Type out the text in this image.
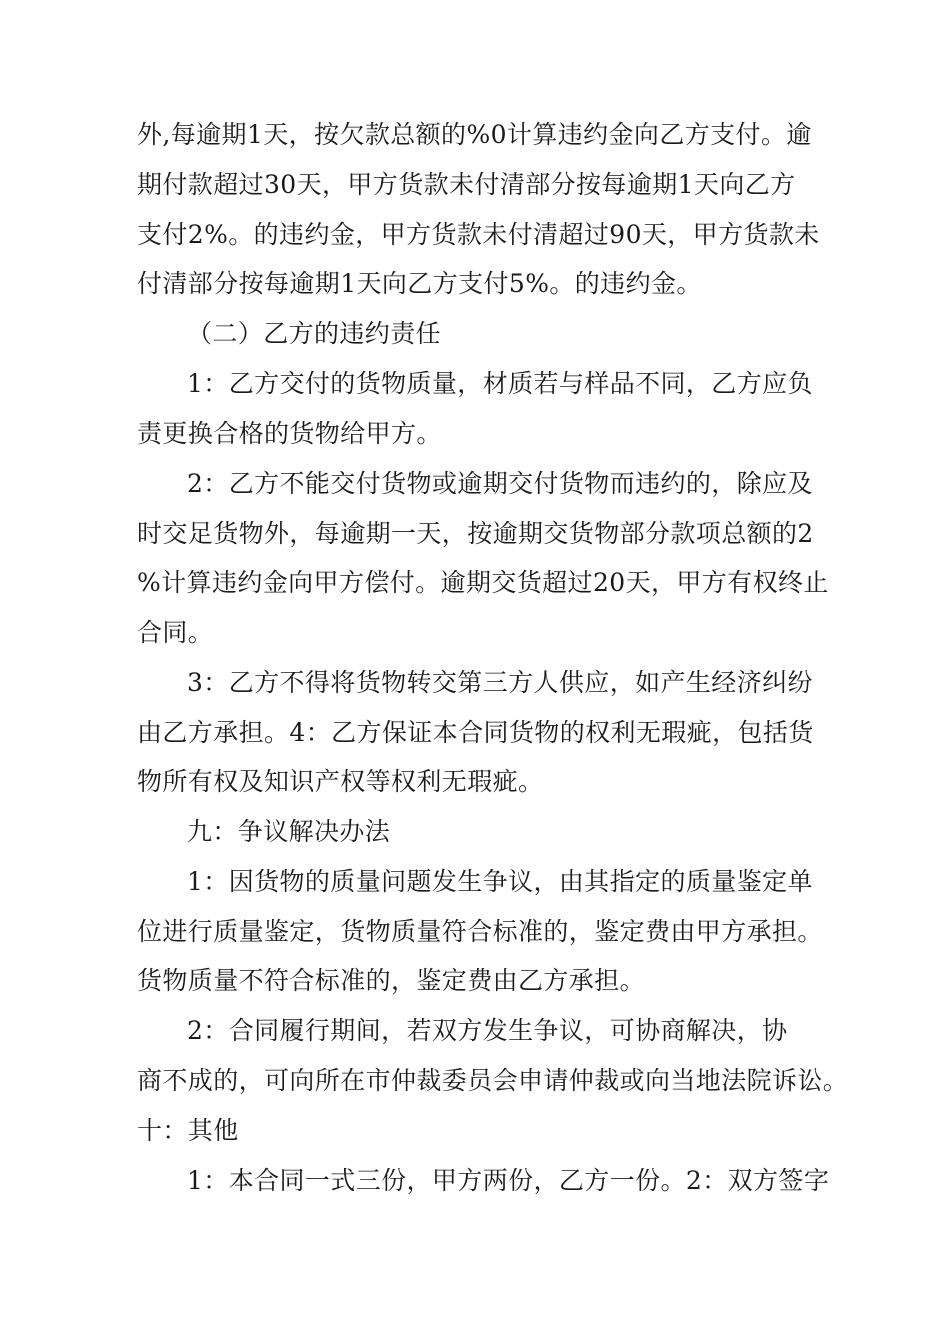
外,每逾期1天，按欠款总额的%0计算违约金向乙方支付。逾
期付款超过30天，甲方货款未付清部分按每逾期1天向乙方
支付2%。的违约金，甲方货款未付清超过90天，甲方货款未
付清部分按每逾期1天向乙方支付5%。的违约金。
（二）乙方的违约责任
1：乙方交付的货物质量，材质若与样品不同，乙方应负
责更换合格的货物给甲方。
2：乙方不能交付货物或逾期交付货物而违约的，除应及
时交足货物外，每逾期一天，按逾期交货物部分款项总额的2
%计算违约金向甲方偿付。逾期交货超过20天，甲方有权终止
合同。
3：乙方不得将货物转交第三方人供应，如产生经济纠纷
由乙方承担。4：乙方保证本合同货物的权利无瑕疵，包括货
物所有权及知识产权等权利无瑕疵。
九：争议解决办法
1：因货物的质量问题发生争议，由其指定的质量鉴定单
位进行质量鉴定，货物质量符合标准的，鉴定费由甲方承担。
货物质量不符合标准的，鉴定费由乙方承担。
2：合同履行期间，若双方发生争议，可协商解决，协
商不成的，可向所在市仲裁委员会申请仲裁或向当地法院诉讼。
十：其他
1：本合同一式三份，甲方两份，乙方一份。2：双方签字
